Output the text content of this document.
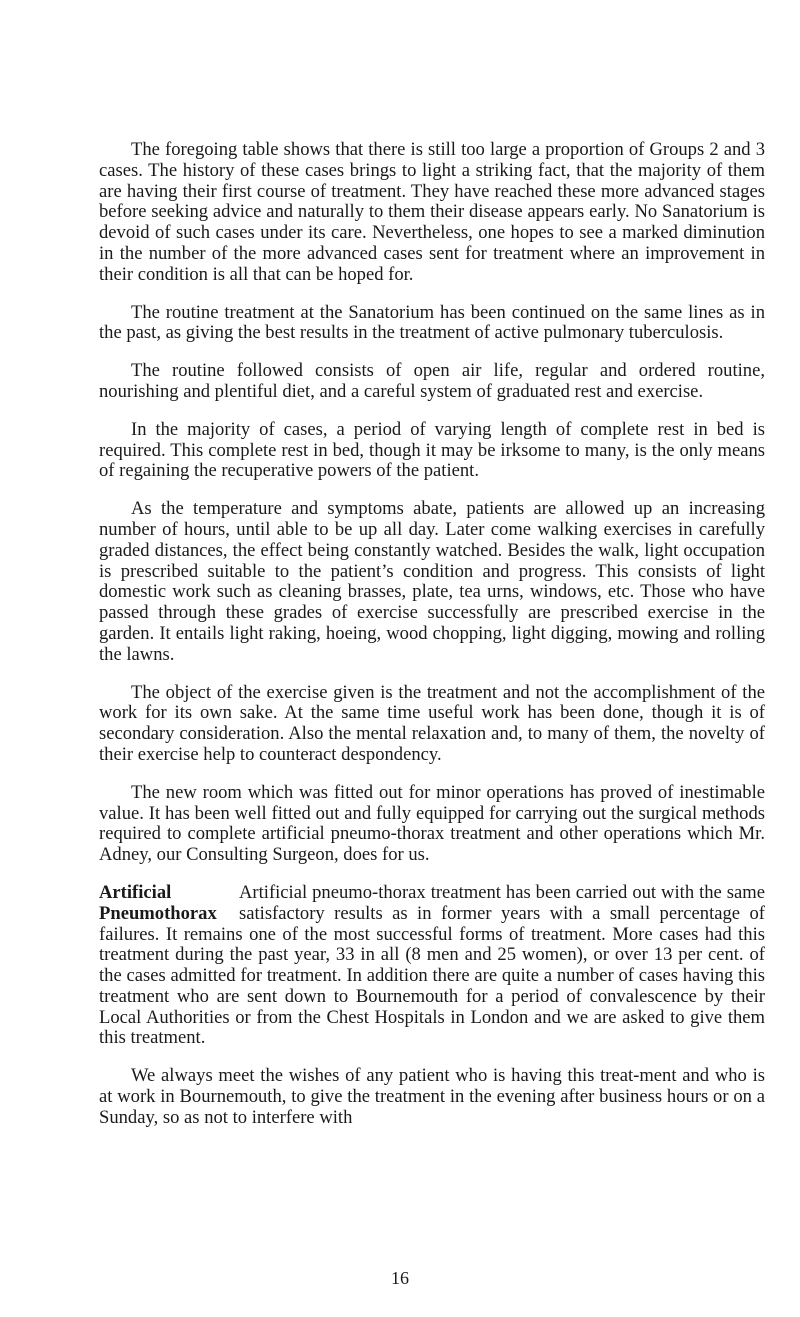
The foregoing table shows that there is still too large a proportion of Groups 2 and 3 cases. The history of these cases brings to light a striking fact, that the majority of them are having their first course of treatment. They have reached these more advanced stages before seeking advice and naturally to them their disease appears early. No Sanatorium is devoid of such cases under its care. Nevertheless, one hopes to see a marked diminution in the number of the more advanced cases sent for treatment where an improvement in their condition is all that can be hoped for.

The routine treatment at the Sanatorium has been continued on the same lines as in the past, as giving the best results in the treatment of active pulmonary tuberculosis.

The routine followed consists of open air life, regular and ordered routine, nourishing and plentiful diet, and a careful system of graduated rest and exercise.

In the majority of cases, a period of varying length of complete rest in bed is required. This complete rest in bed, though it may be irksome to many, is the only means of regaining the recuperative powers of the patient.

As the temperature and symptoms abate, patients are allowed up an increasing number of hours, until able to be up all day. Later come walking exercises in carefully graded distances, the effect being constantly watched. Besides the walk, light occupation is prescribed suitable to the patient’s condition and progress. This consists of light domestic work such as cleaning brasses, plate, tea urns, windows, etc. Those who have passed through these grades of exercise successfully are prescribed exercise in the garden. It entails light raking, hoeing, wood chopping, light digging, mowing and rolling the lawns.

The object of the exercise given is the treatment and not the accomplishment of the work for its own sake. At the same time useful work has been done, though it is of secondary consideration. Also the mental relaxation and, to many of them, the novelty of their exercise help to counteract despondency.

The new room which was fitted out for minor operations has proved of inestimable value. It has been well fitted out and fully equipped for carrying out the surgical methods required to complete artificial pneumo-thorax treatment and other operations which Mr. Adney, our Consulting Surgeon, does for us.

Artificial
Pneumothorax
Artificial pneumo-thorax treatment has been carried out with the same satisfactory results as in former years with a small percentage of failures. It remains one of the most successful forms of treatment. More cases had this treatment during the past year, 33 in all (8 men and 25 women), or over 13 per cent. of the cases admitted for treatment. In addition there are quite a number of cases having this treatment who are sent down to Bournemouth for a period of convalescence by their Local Authorities or from the Chest Hospitals in London and we are asked to give them this treatment.

We always meet the wishes of any patient who is having this treat-ment and who is at work in Bournemouth, to give the treatment in the evening after business hours or on a Sunday, so as not to interfere with

16
